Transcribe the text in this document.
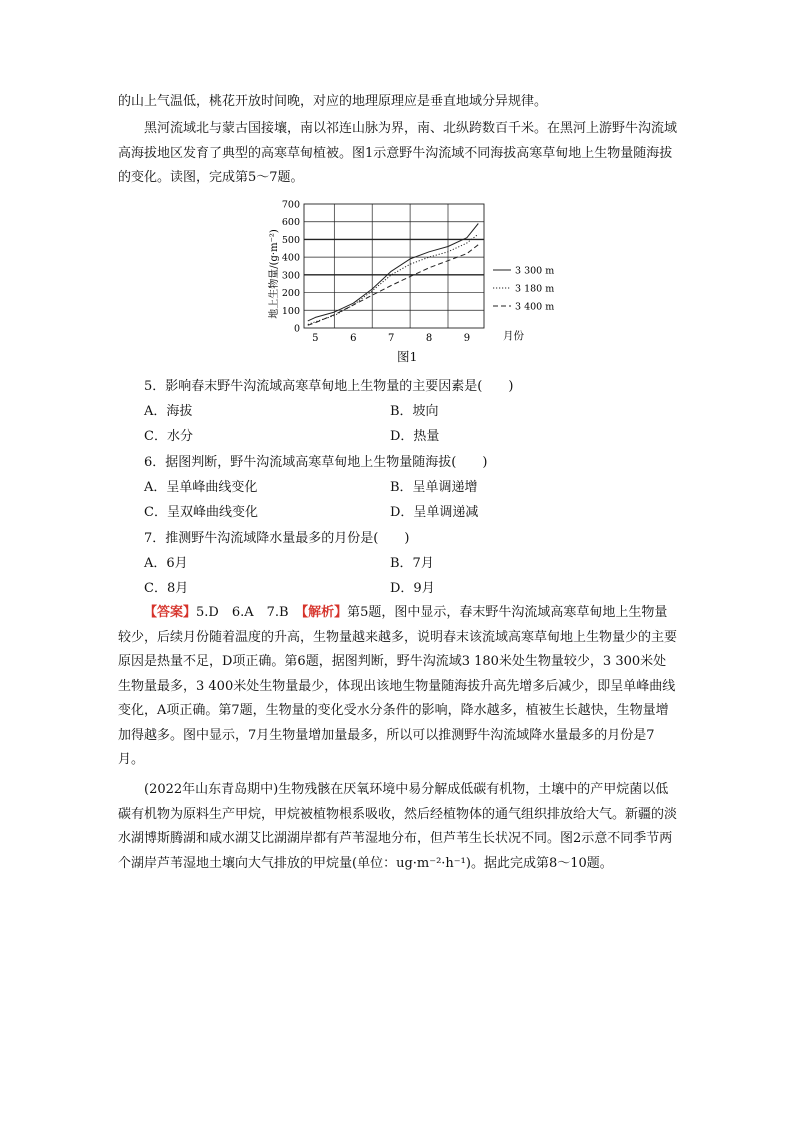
的山上气温低，桃花开放时间晚，对应的地理原理应是垂直地域分异规律。

黑河流域北与蒙古国接壤，南以祁连山脉为界，南、北纵跨数百千米。在黑河上游野牛沟流域高海拔地区发育了典型的高寒草甸植被。图1示意野牛沟流域不同海拔高寒草甸地上生物量随海拔的变化。读图，完成第5～7题。

0
100
200
300
400
500
600
700
5	6	7	8	9
3 300 m
3 180 m
3 400 m
地上生物量/(g·m⁻²)
月份
图1
5．影响春末野牛沟流域高寒草甸地上生物量的主要因素是(　　)
A．海拔	B．坡向
C．水分	D．热量
6．据图判断，野牛沟流域高寒草甸地上生物量随海拔(　　)
A．呈单峰曲线变化	B．呈单调递增
C．呈双峰曲线变化	D．呈单调递减
7．推测野牛沟流域降水量最多的月份是(　　)
A．6月	B．7月
C．8月	D．9月

【答案】5.D　6.A　7.B　【解析】第5题，图中显示，春末野牛沟流域高寒草甸地上生物量较少，后续月份随着温度的升高，生物量越来越多，说明春末该流域高寒草甸地上生物量少的主要原因是热量不足，D项正确。第6题，据图判断，野牛沟流域3 180米处生物量较少，3 300米处生物量最多，3 400米处生物量最少，体现出该地生物量随海拔升高先增多后减少，即呈单峰曲线变化，A项正确。第7题，生物量的变化受水分条件的影响，降水越多，植被生长越快，生物量增加得越多。图中显示，7月生物量增加量最多，所以可以推测野牛沟流域降水量最多的月份是7月。

(2022年山东青岛期中)生物残骸在厌氧环境中易分解成低碳有机物，土壤中的产甲烷菌以低碳有机物为原料生产甲烷，甲烷被植物根系吸收，然后经植物体的通气组织排放给大气。新疆的淡水湖博斯腾湖和咸水湖艾比湖湖岸都有芦苇湿地分布，但芦苇生长状况不同。图2示意不同季节两个湖岸芦苇湿地土壤向大气排放的甲烷量(单位：ug·m⁻²·h⁻¹)。据此完成第8～10题。
